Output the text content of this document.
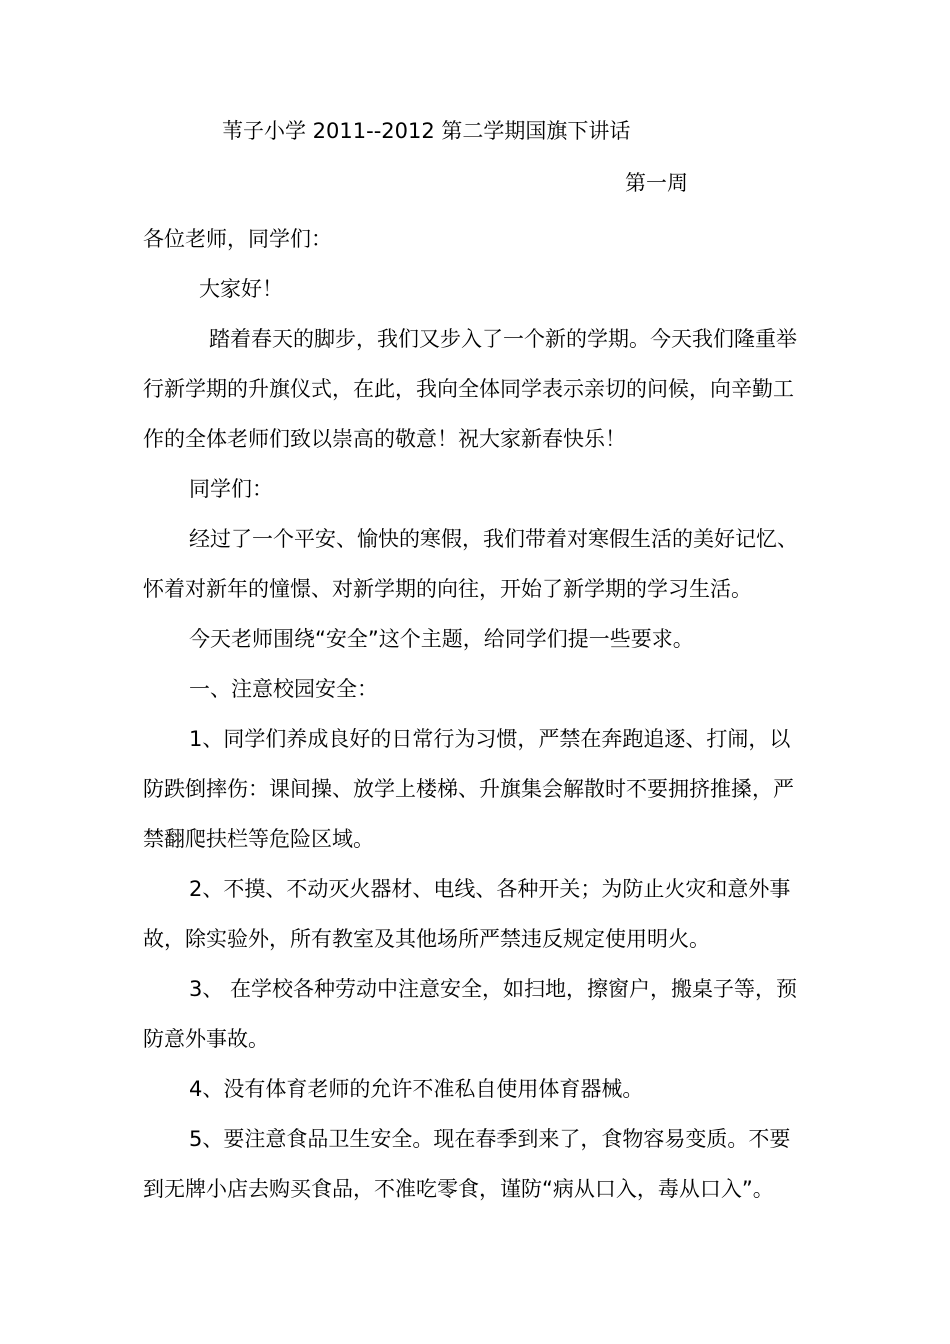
苇子小学 2011--2012 第二学期国旗下讲话
第一周

各位老师，同学们：

大家好！

踏着春天的脚步，我们又步入了一个新的学期。今天我们隆重举行新学期的升旗仪式，在此，我向全体同学表示亲切的问候，向辛勤工作的全体老师们致以崇高的敬意！祝大家新春快乐！

同学们：

经过了一个平安、愉快的寒假，我们带着对寒假生活的美好记忆、怀着对新年的憧憬、对新学期的向往，开始了新学期的学习生活。

今天老师围绕“安全”这个主题，给同学们提一些要求。

一、注意校园安全：

1、同学们养成良好的日常行为习惯，严禁在奔跑追逐、打闹，以防跌倒摔伤：课间操、放学上楼梯、升旗集会解散时不要拥挤推搡，严禁翻爬扶栏等危险区域。

2、不摸、不动灭火器材、电线、各种开关；为防止火灾和意外事故，除实验外，所有教室及其他场所严禁违反规定使用明火。

3、 在学校各种劳动中注意安全，如扫地，擦窗户，搬桌子等，预防意外事故。

4、没有体育老师的允许不准私自使用体育器械。

5、要注意食品卫生安全。现在春季到来了，食物容易变质。不要到无牌小店去购买食品，不准吃零食，谨防“病从口入，毒从口入”。
